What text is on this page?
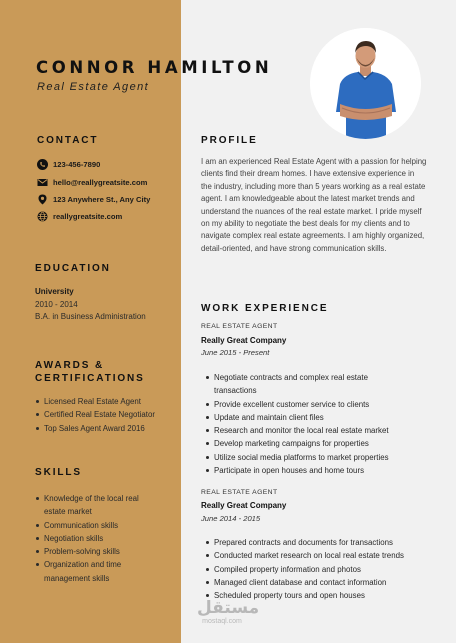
CONNOR HAMILTON
Real Estate Agent
CONTACT
123-456-7890
hello@reallygreatsite.com
123 Anywhere St., Any City
reallygreatsite.com
EDUCATION
University
2010 - 2014
B.A. in Business Administration
AWARDS &
CERTIFICATIONS
Licensed Real Estate Agent
Certified Real Estate Negotiator
Top Sales Agent Award 2016
SKILLS
Knowledge of the local real
estate market
Communication skills
Negotiation skills
Problem-solving skills
Organization and time
management skills
PROFILE
I am an experienced Real Estate Agent with a passion for helping clients find their dream homes. I have extensive experience in the industry, including more than 5 years working as a real estate agent. I am knowledgeable about the latest market trends and understand the nuances of the real estate market. I pride myself on my ability to negotiate the best deals for my clients and to navigate complex real estate agreements. I am highly organized, detail-oriented, and have strong communication skills.
WORK EXPERIENCE
REAL ESTATE AGENT
Really Great Company
June 2015 - Present
Negotiate contracts and complex real estate
transactions
Provide excellent customer service to clients
Update and maintain client files
Research and monitor the local real estate market
Develop marketing campaigns for properties
Utilize social media platforms to market properties
Participate in open houses and home tours
REAL ESTATE AGENT
Really Great Company
June 2014 - 2015
Prepared contracts and documents for transactions
Conducted market research on local real estate trends
Compiled property information and photos
Managed client database and contact information
Scheduled property tours and open houses
مستقل
mostaql.com
